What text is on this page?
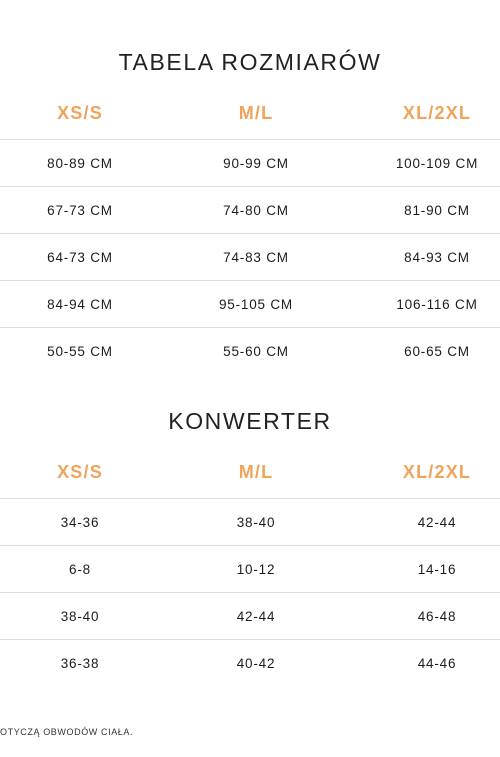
TABELA ROZMIARÓW
XS/S	M/L	XL/2XL
80-89 CM	90-99 CM	100-109 CM
67-73 CM	74-80 CM	81-90 CM
64-73 CM	74-83 CM	84-93 CM
84-94 CM	95-105 CM	106-116 CM
50-55 CM	55-60 CM	60-65 CM
KONWERTER
XS/S	M/L	XL/2XL
34-36	38-40	42-44
6-8	10-12	14-16
38-40	42-44	46-48
36-38	40-42	44-46
OTYCZĄ OBWODÓW CIAŁA.
